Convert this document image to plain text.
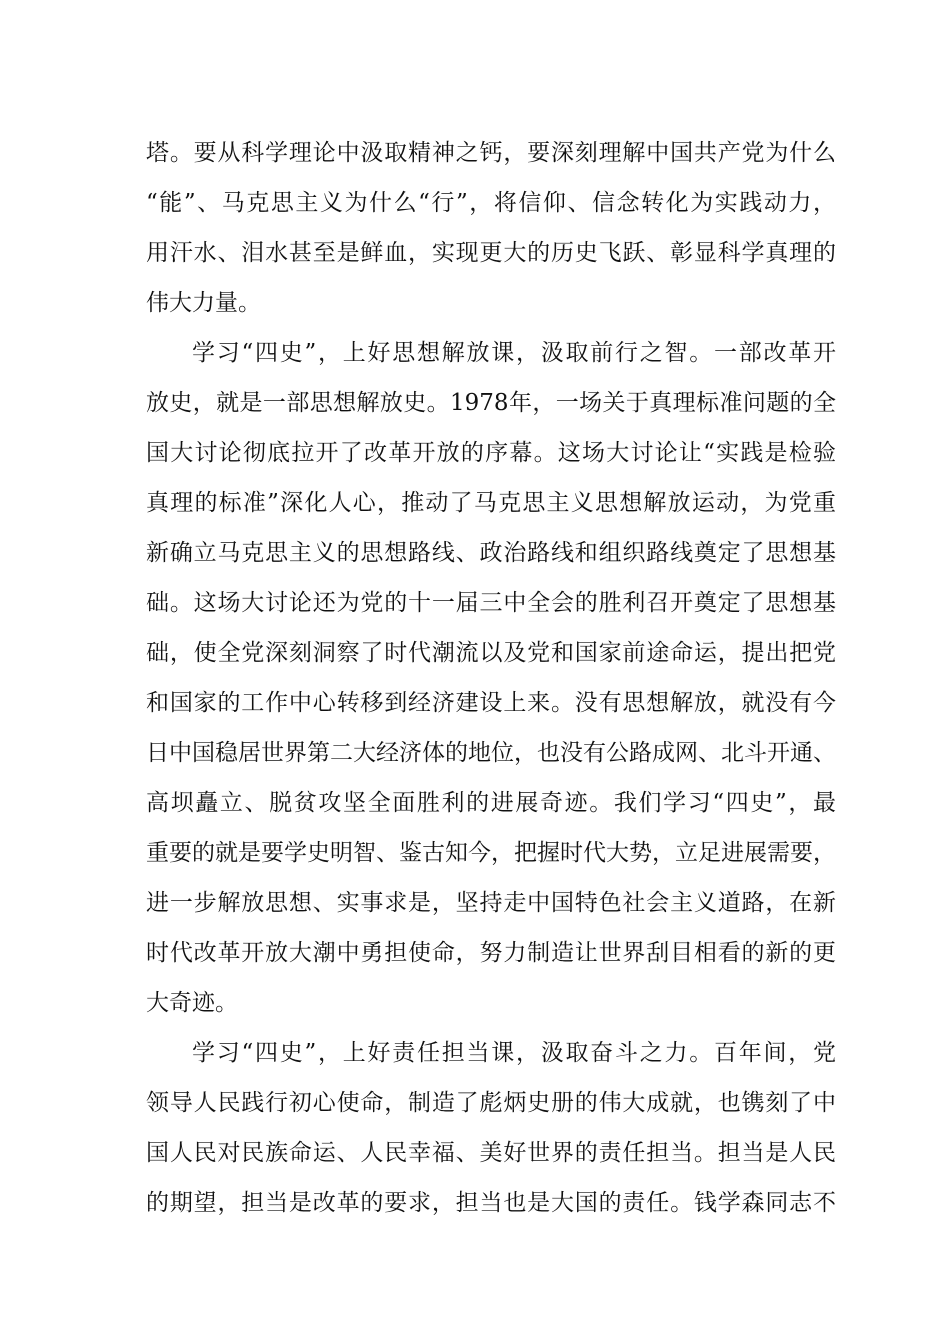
塔。要从科学理论中汲取精神之钙，要深刻理解中国共产党为什么
“能”、马克思主义为什么“行”，将信仰、信念转化为实践动力，
用汗水、泪水甚至是鲜血，实现更大的历史飞跃、彰显科学真理的
伟大力量。
学习“四史”，上好思想解放课，汲取前行之智。一部改革开
放史，就是一部思想解放史。1978年，一场关于真理标准问题的全
国大讨论彻底拉开了改革开放的序幕。这场大讨论让“实践是检验
真理的标准”深化人心，推动了马克思主义思想解放运动，为党重
新确立马克思主义的思想路线、政治路线和组织路线奠定了思想基
础。这场大讨论还为党的十一届三中全会的胜利召开奠定了思想基
础，使全党深刻洞察了时代潮流以及党和国家前途命运，提出把党
和国家的工作中心转移到经济建设上来。没有思想解放，就没有今
日中国稳居世界第二大经济体的地位，也没有公路成网、北斗开通、
高坝矗立、脱贫攻坚全面胜利的进展奇迹。我们学习“四史”，最
重要的就是要学史明智、鉴古知今，把握时代大势，立足进展需要，
进一步解放思想、实事求是，坚持走中国特色社会主义道路，在新
时代改革开放大潮中勇担使命，努力制造让世界刮目相看的新的更
大奇迹。
学习“四史”，上好责任担当课，汲取奋斗之力。百年间，党
领导人民践行初心使命，制造了彪炳史册的伟大成就，也镌刻了中
国人民对民族命运、人民幸福、美好世界的责任担当。担当是人民
的期望，担当是改革的要求，担当也是大国的责任。钱学森同志不
